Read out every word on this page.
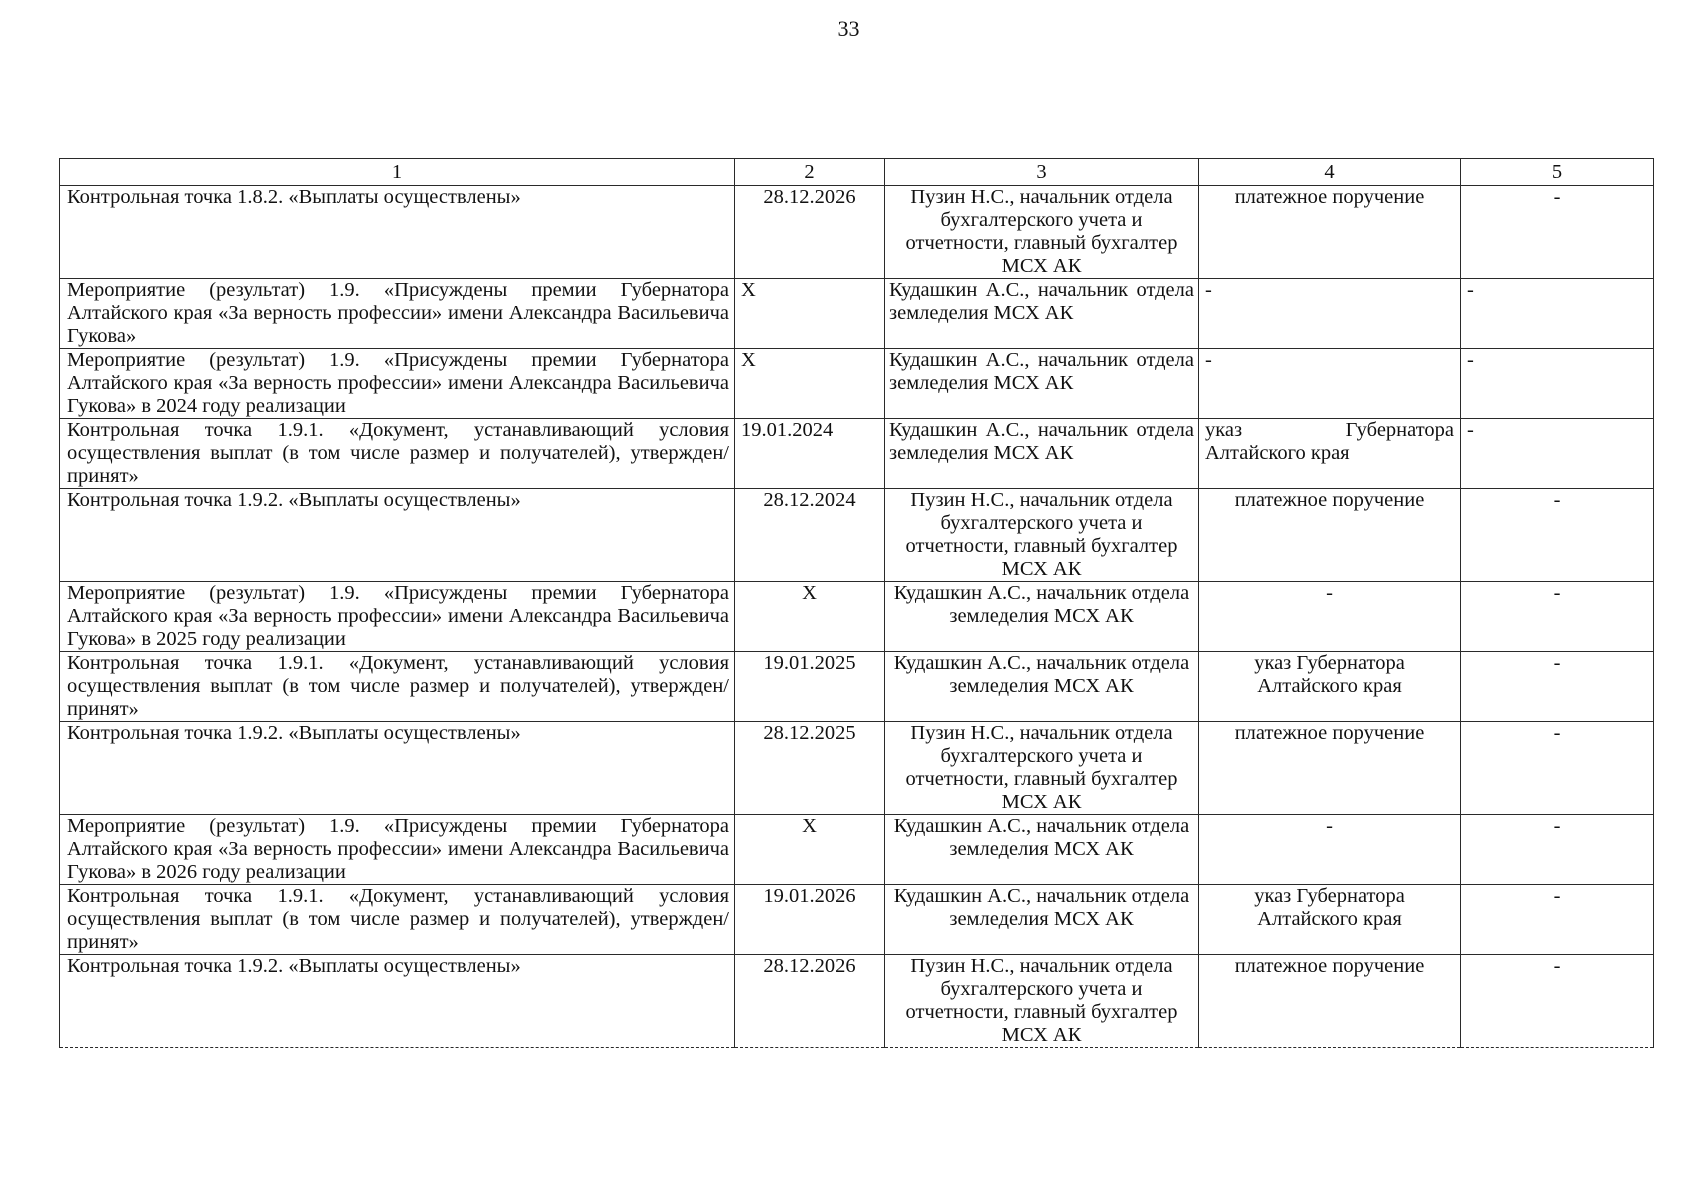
33
1	2	3	4	5
Контрольная точка 1.8.2. «Выплаты осуществлены»	28.12.2026	Пузин Н.С., начальник отдела бухгалтерского учета и отчетности, главный бухгалтер МСХ АК	платежное поручение	-
Мероприятие (результат) 1.9. «Присуждены премии Губернатора Алтайского края «За верность профессии» имени Александра Васильевича Гукова»	X	Кудашкин А.С., начальник отдела земледелия МСХ АК	-	-
Мероприятие (результат) 1.9. «Присуждены премии Губернатора Алтайского края «За верность профессии» имени Александра Васильевича Гукова» в 2024 году реализации	X	Кудашкин А.С., начальник отдела земледелия МСХ АК	-	-
Контрольная точка 1.9.1. «Документ, устанавливающий условия осуществления выплат (в том числе размер и получателей), утвержден/принят»	19.01.2024	Кудашкин А.С., начальник отдела земледелия МСХ АК	указ Губернатора Алтайского края	-
Контрольная точка 1.9.2. «Выплаты осуществлены»	28.12.2024	Пузин Н.С., начальник отдела бухгалтерского учета и отчетности, главный бухгалтер МСХ АК	платежное поручение	-
Мероприятие (результат) 1.9. «Присуждены премии Губернатора Алтайского края «За верность профессии» имени Александра Васильевича Гукова» в 2025 году реализации	X	Кудашкин А.С., начальник отдела земледелия МСХ АК	-	-
Контрольная точка 1.9.1. «Документ, устанавливающий условия осуществления выплат (в том числе размер и получателей), утвержден/принят»	19.01.2025	Кудашкин А.С., начальник отдела земледелия МСХ АК	указ Губернатора Алтайского края	-
Контрольная точка 1.9.2. «Выплаты осуществлены»	28.12.2025	Пузин Н.С., начальник отдела бухгалтерского учета и отчетности, главный бухгалтер МСХ АК	платежное поручение	-
Мероприятие (результат) 1.9. «Присуждены премии Губернатора Алтайского края «За верность профессии» имени Александра Васильевича Гукова» в 2026 году реализации	X	Кудашкин А.С., начальник отдела земледелия МСХ АК	-	-
Контрольная точка 1.9.1. «Документ, устанавливающий условия осуществления выплат (в том числе размер и получателей), утвержден/принят»	19.01.2026	Кудашкин А.С., начальник отдела земледелия МСХ АК	указ Губернатора Алтайского края	-
Контрольная точка 1.9.2. «Выплаты осуществлены»	28.12.2026	Пузин Н.С., начальник отдела бухгалтерского учета и отчетности, главный бухгалтер МСХ АК	платежное поручение	-
